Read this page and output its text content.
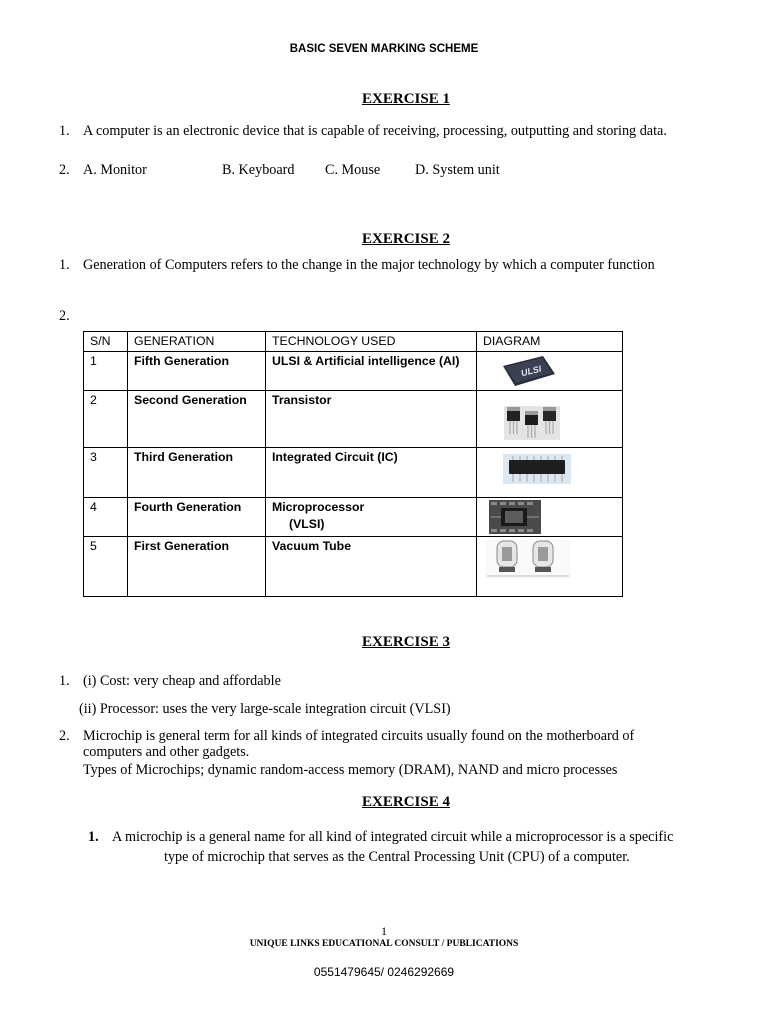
BASIC SEVEN MARKING SCHEME
EXERCISE 1
1. A computer is an electronic device that is capable of receiving, processing, outputting and storing data.
2. A. Monitor	B. Keyboard C. Mouse D. System unit
EXERCISE 2
1. Generation of Computers refers to the change in the major technology by which a computer function
2.
S/N	GENERATION	TECHNOLOGY USED	DIAGRAM
1	Fifth Generation	ULSI & Artificial intelligence (AI)	ULSI

2	Second Generation	Transistor	

3	Third Generation	Integrated Circuit (IC)	

4	Fourth Generation	Microprocessor
(VLSI)

5	First Generation	Vacuum Tube	
EXERCISE 3
1. (i) Cost: very cheap and affordable
(ii) Processor: uses the very large-scale integration circuit (VLSI)
2. Microchip is general term for all kinds of integrated circuits usually found on the motherboard of
computers and other gadgets.
Types of Microchips; dynamic random-access memory (DRAM), NAND and micro processes
EXERCISE 4
1. A microchip is a general name for all kind of integrated circuit while a microprocessor is a specific
type of microchip that serves as the Central Processing Unit (CPU) of a computer.
1
UNIQUE LINKS EDUCATIONAL CONSULT / PUBLICATIONS
0551479645/ 0246292669
